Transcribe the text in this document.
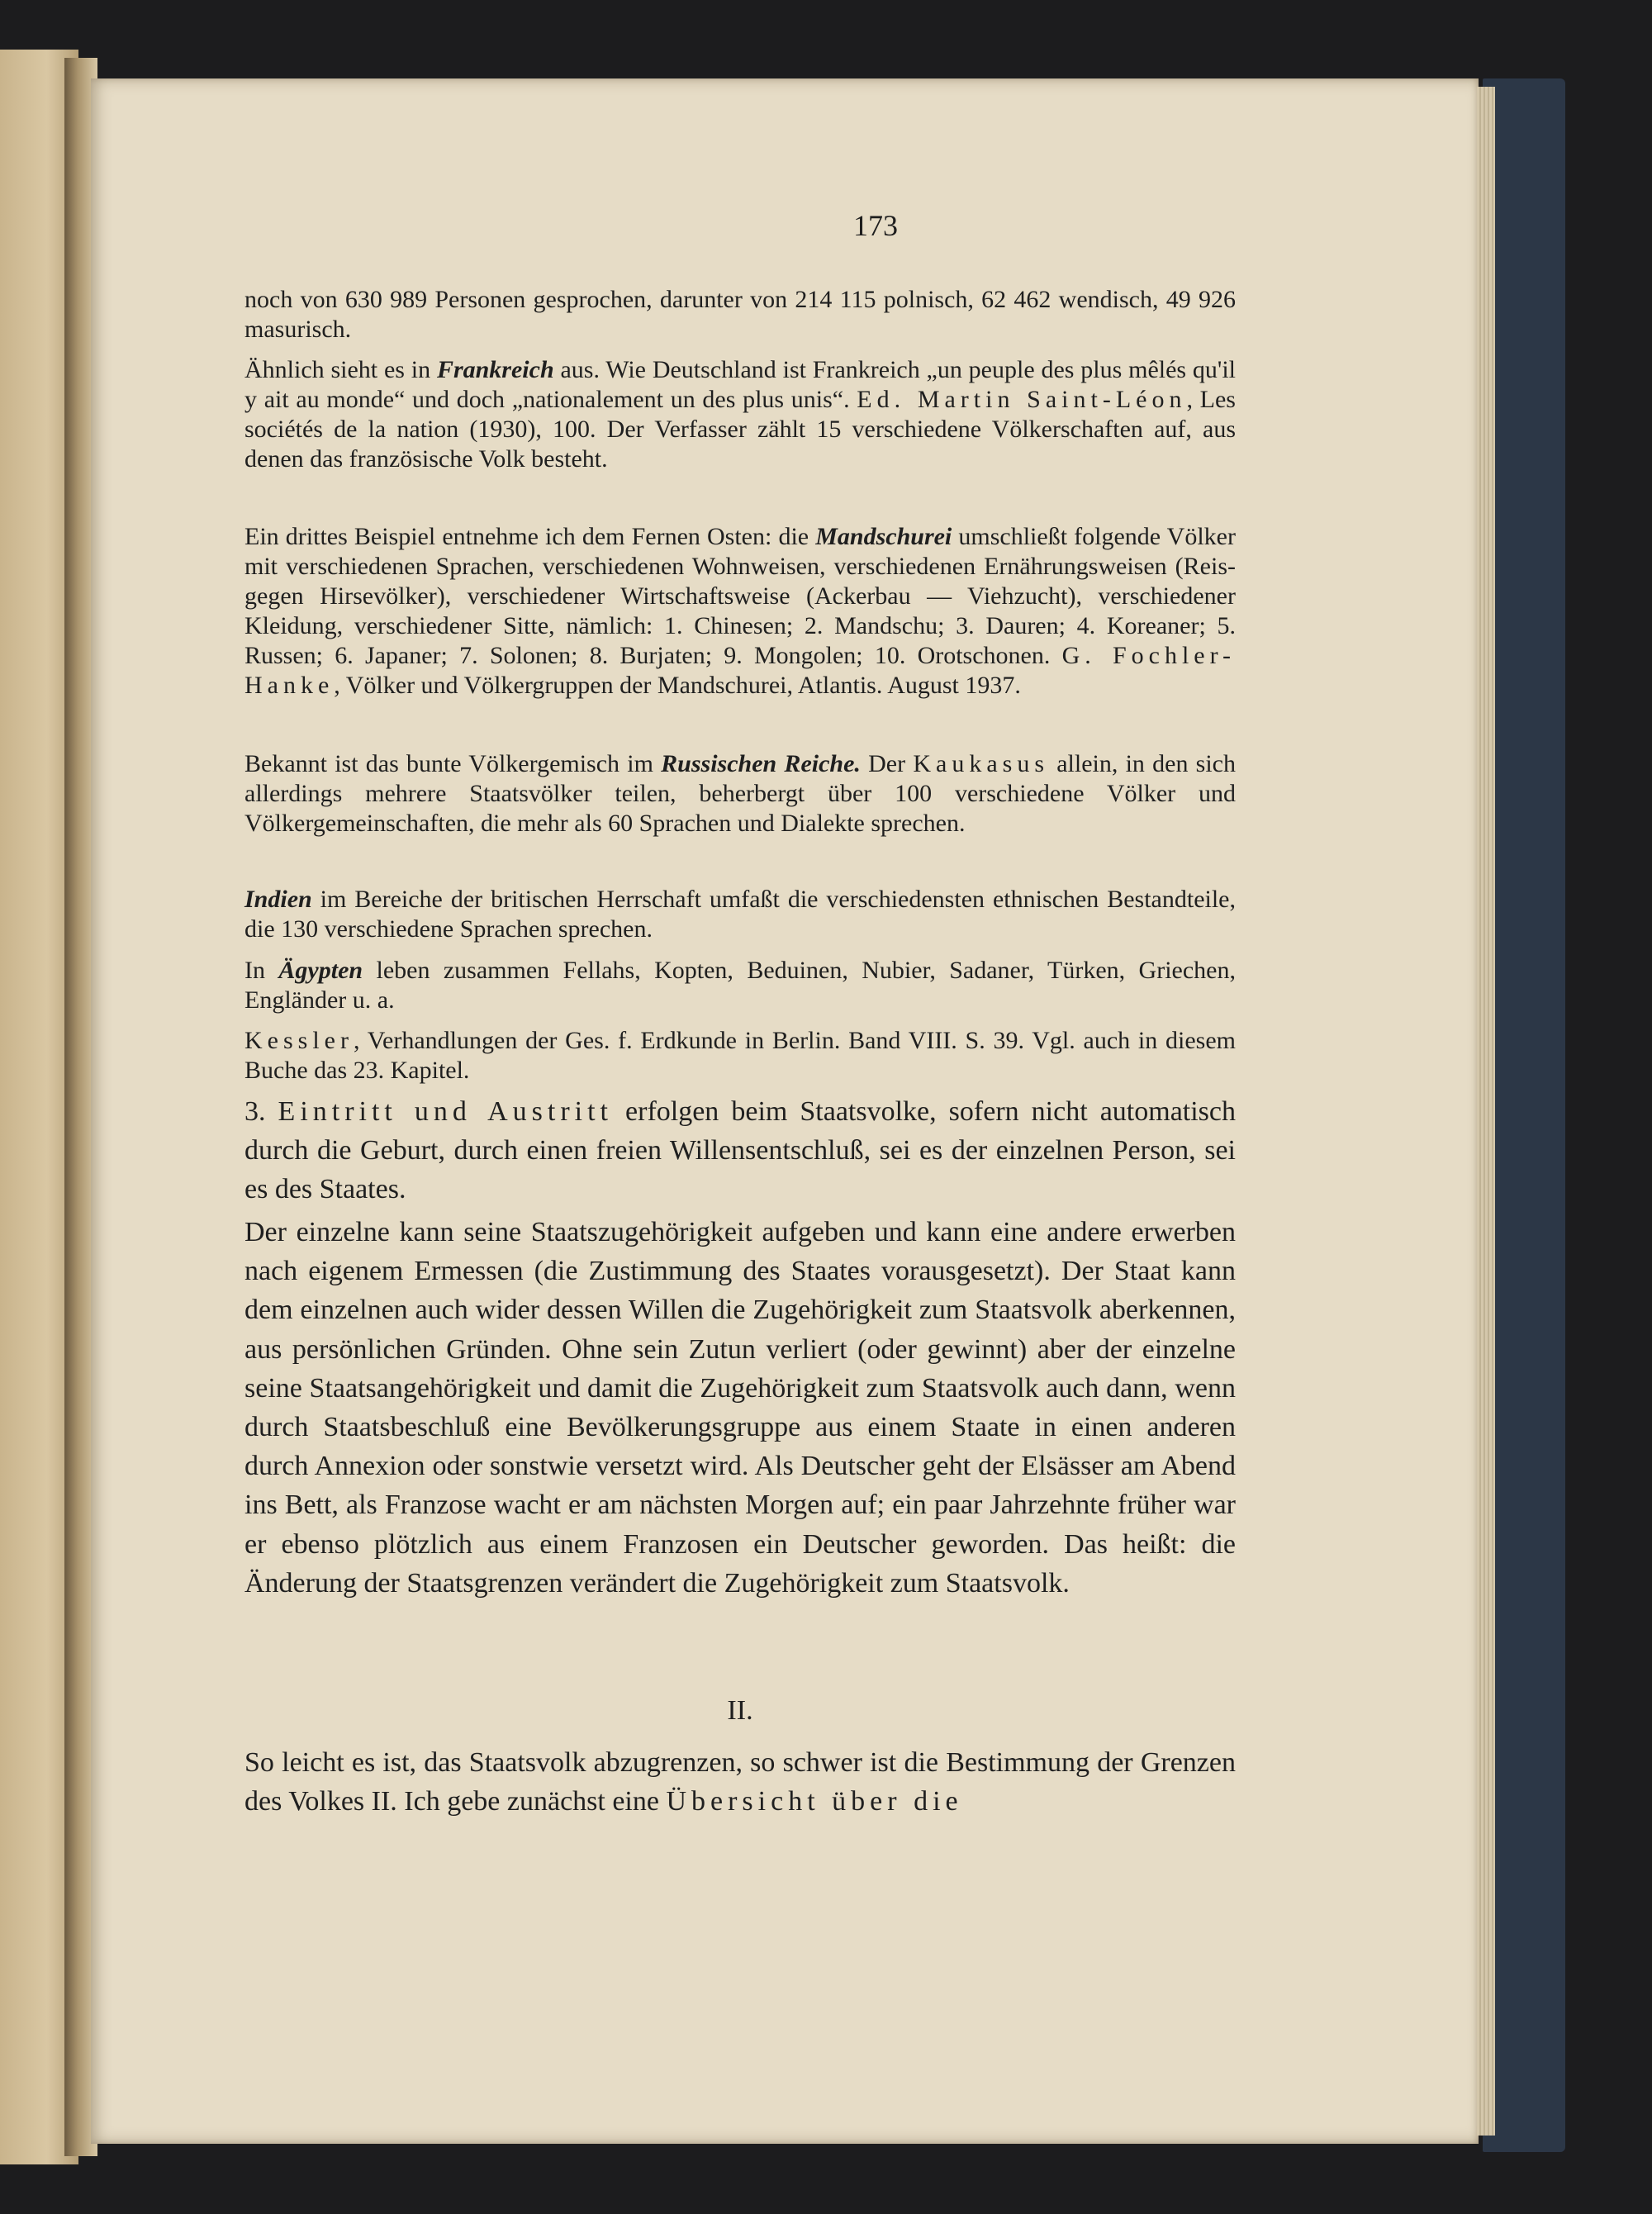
173

noch von 630 989 Personen gesprochen, darunter von 214 115 polnisch, 62 462 wendisch, 49 926 masurisch.

Ähnlich sieht es in Frankreich aus. Wie Deutschland ist Frankreich „un peuple des plus mêlés qu'il y ait au monde“ und doch „nationalement un des plus unis“. Ed. Martin Saint-Léon, Les sociétés de la nation (1930), 100. Der Verfasser zählt 15 verschiedene Völkerschaften auf, aus denen das französische Volk besteht.

Ein drittes Beispiel entnehme ich dem Fernen Osten: die Mandschurei umschließt folgende Völker mit verschiedenen Sprachen, verschiedenen Wohnweisen, verschiedenen Ernährungsweisen (Reis- gegen Hirsevölker), verschiedener Wirtschaftsweise (Ackerbau — Viehzucht), verschiedener Kleidung, verschiedener Sitte, nämlich: 1. Chinesen; 2. Mandschu; 3. Dauren; 4. Koreaner; 5. Russen; 6. Japaner; 7. Solonen; 8. Burjaten; 9. Mongolen; 10. Orotschonen. G. Fochler-Hanke, Völker und Völkergruppen der Mandschurei, Atlantis. August 1937.

Bekannt ist das bunte Völkergemisch im Russischen Reiche. Der Kaukasus allein, in den sich allerdings mehrere Staatsvölker teilen, beherbergt über 100 verschiedene Völker und Völkergemeinschaften, die mehr als 60 Sprachen und Dialekte sprechen.

Indien im Bereiche der britischen Herrschaft umfaßt die verschiedensten ethnischen Bestandteile, die 130 verschiedene Sprachen sprechen.

In Ägypten leben zusammen Fellahs, Kopten, Beduinen, Nubier, Sadaner, Türken, Griechen, Engländer u. a.

Kessler, Verhandlungen der Ges. f. Erdkunde in Berlin. Band VIII. S. 39. Vgl. auch in diesem Buche das 23. Kapitel.

3. Eintritt und Austritt erfolgen beim Staatsvolke, sofern nicht automatisch durch die Geburt, durch einen freien Willensentschluß, sei es der einzelnen Person, sei es des Staates.

Der einzelne kann seine Staatszugehörigkeit aufgeben und kann eine andere erwerben nach eigenem Ermessen (die Zustimmung des Staates vorausgesetzt). Der Staat kann dem einzelnen auch wider dessen Willen die Zugehörigkeit zum Staatsvolk aberkennen, aus persönlichen Gründen. Ohne sein Zutun verliert (oder gewinnt) aber der einzelne seine Staatsangehörigkeit und damit die Zugehörigkeit zum Staatsvolk auch dann, wenn durch Staatsbeschluß eine Bevölkerungsgruppe aus einem Staate in einen anderen durch Annexion oder sonstwie versetzt wird. Als Deutscher geht der Elsässer am Abend ins Bett, als Franzose wacht er am nächsten Morgen auf; ein paar Jahrzehnte früher war er ebenso plötzlich aus einem Franzosen ein Deutscher geworden. Das heißt: die Änderung der Staatsgrenzen verändert die Zugehörigkeit zum Staatsvolk.

So leicht es ist, das Staatsvolk abzugrenzen, so schwer ist die Bestimmung der Grenzen des Volkes II. Ich gebe zunächst eine Übersicht über die

II.
